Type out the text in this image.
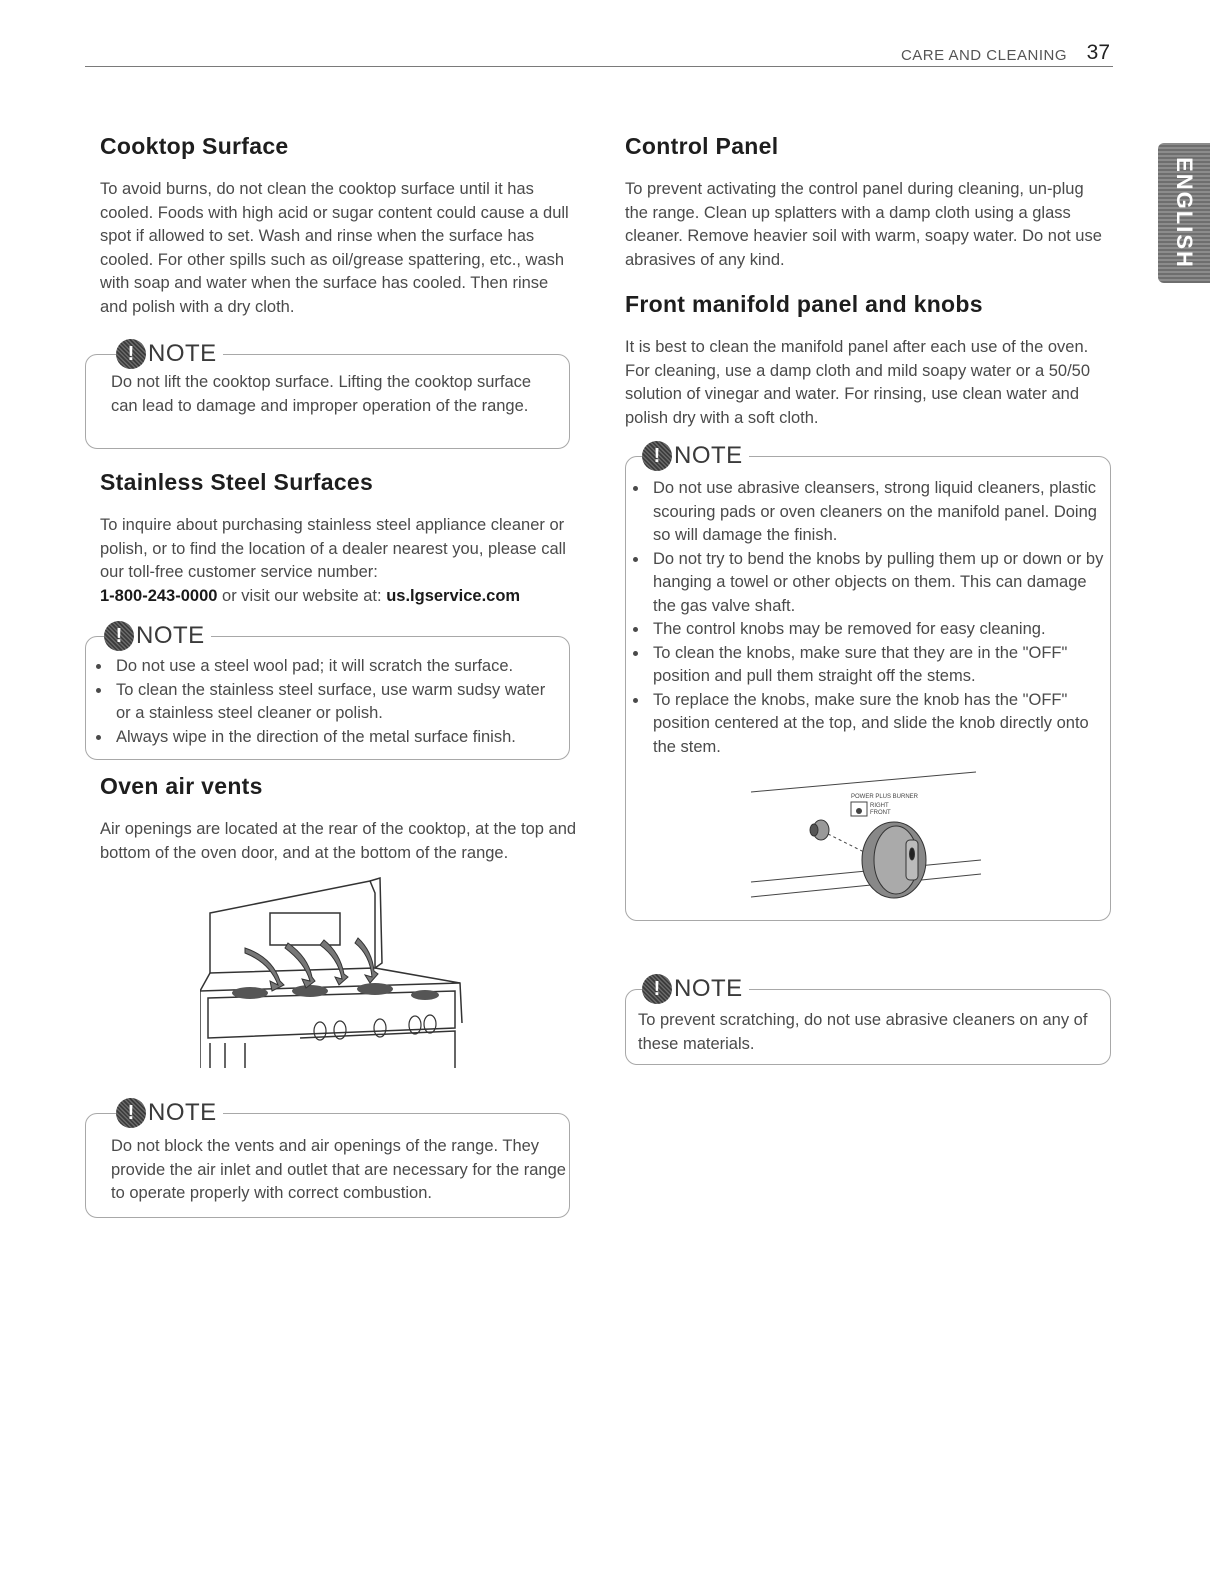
CARE AND CLEANING 37
ENGLISH
Cooktop Surface

To avoid burns, do not clean the cooktop surface until it has cooled. Foods with high acid or sugar content could cause a dull spot if allowed to set. Wash and rinse when the surface has cooled. For other spills such as oil/grease spattering, etc., wash with soap and water when the surface has cooled. Then rinse and polish with a dry cloth.

! NOTE

Do not lift the cooktop surface. Lifting the cooktop surface can lead to damage and improper operation of the range.

Stainless Steel Surfaces

To inquire about purchasing stainless steel appliance cleaner or polish, or to find the location of a dealer nearest you, please call our toll-free customer service number:
1-800-243-0000 or visit our website at: us.lgservice.com

! NOTE
• Do not use a steel wool pad; it will scratch the surface.
• To clean the stainless steel surface, use warm sudsy water or a stainless steel cleaner or polish.
• Always wipe in the direction of the metal surface finish.
Oven air vents

Air openings are located at the rear of the cooktop, at the top and bottom of the oven door, and at the bottom of the range.

! NOTE

Do not block the vents and air openings of the range. They provide the air inlet and outlet that are necessary for the range to operate properly with correct combustion.

Control Panel

To prevent activating the control panel during cleaning, un-plug the range. Clean up splatters with a damp cloth using a glass cleaner. Remove heavier soil with warm, soapy water. Do not use abrasives of any kind.

Front manifold panel and knobs

It is best to clean the manifold panel after each use of the oven. For cleaning, use a damp cloth and mild soapy water or a 50/50 solution of vinegar and water. For rinsing, use clean water and polish dry with a soft cloth.

! NOTE
• Do not use abrasive cleansers, strong liquid cleaners, plastic scouring pads or oven cleaners on the manifold panel. Doing so will damage the finish.
• Do not try to bend the knobs by pulling them up or down or by hanging a towel or other objects on them. This can damage the gas valve shaft.
• The control knobs may be removed for easy cleaning.
• To clean the knobs, make sure that they are in the "OFF" position and pull them straight off the stems.
• To replace the knobs, make sure the knob has the "OFF" position centered at the top, and slide the knob directly onto the stem.
POWER PLUS BURNER
RIGHT
FRONT
! NOTE

To prevent scratching, do not use abrasive cleaners on any of these materials.
